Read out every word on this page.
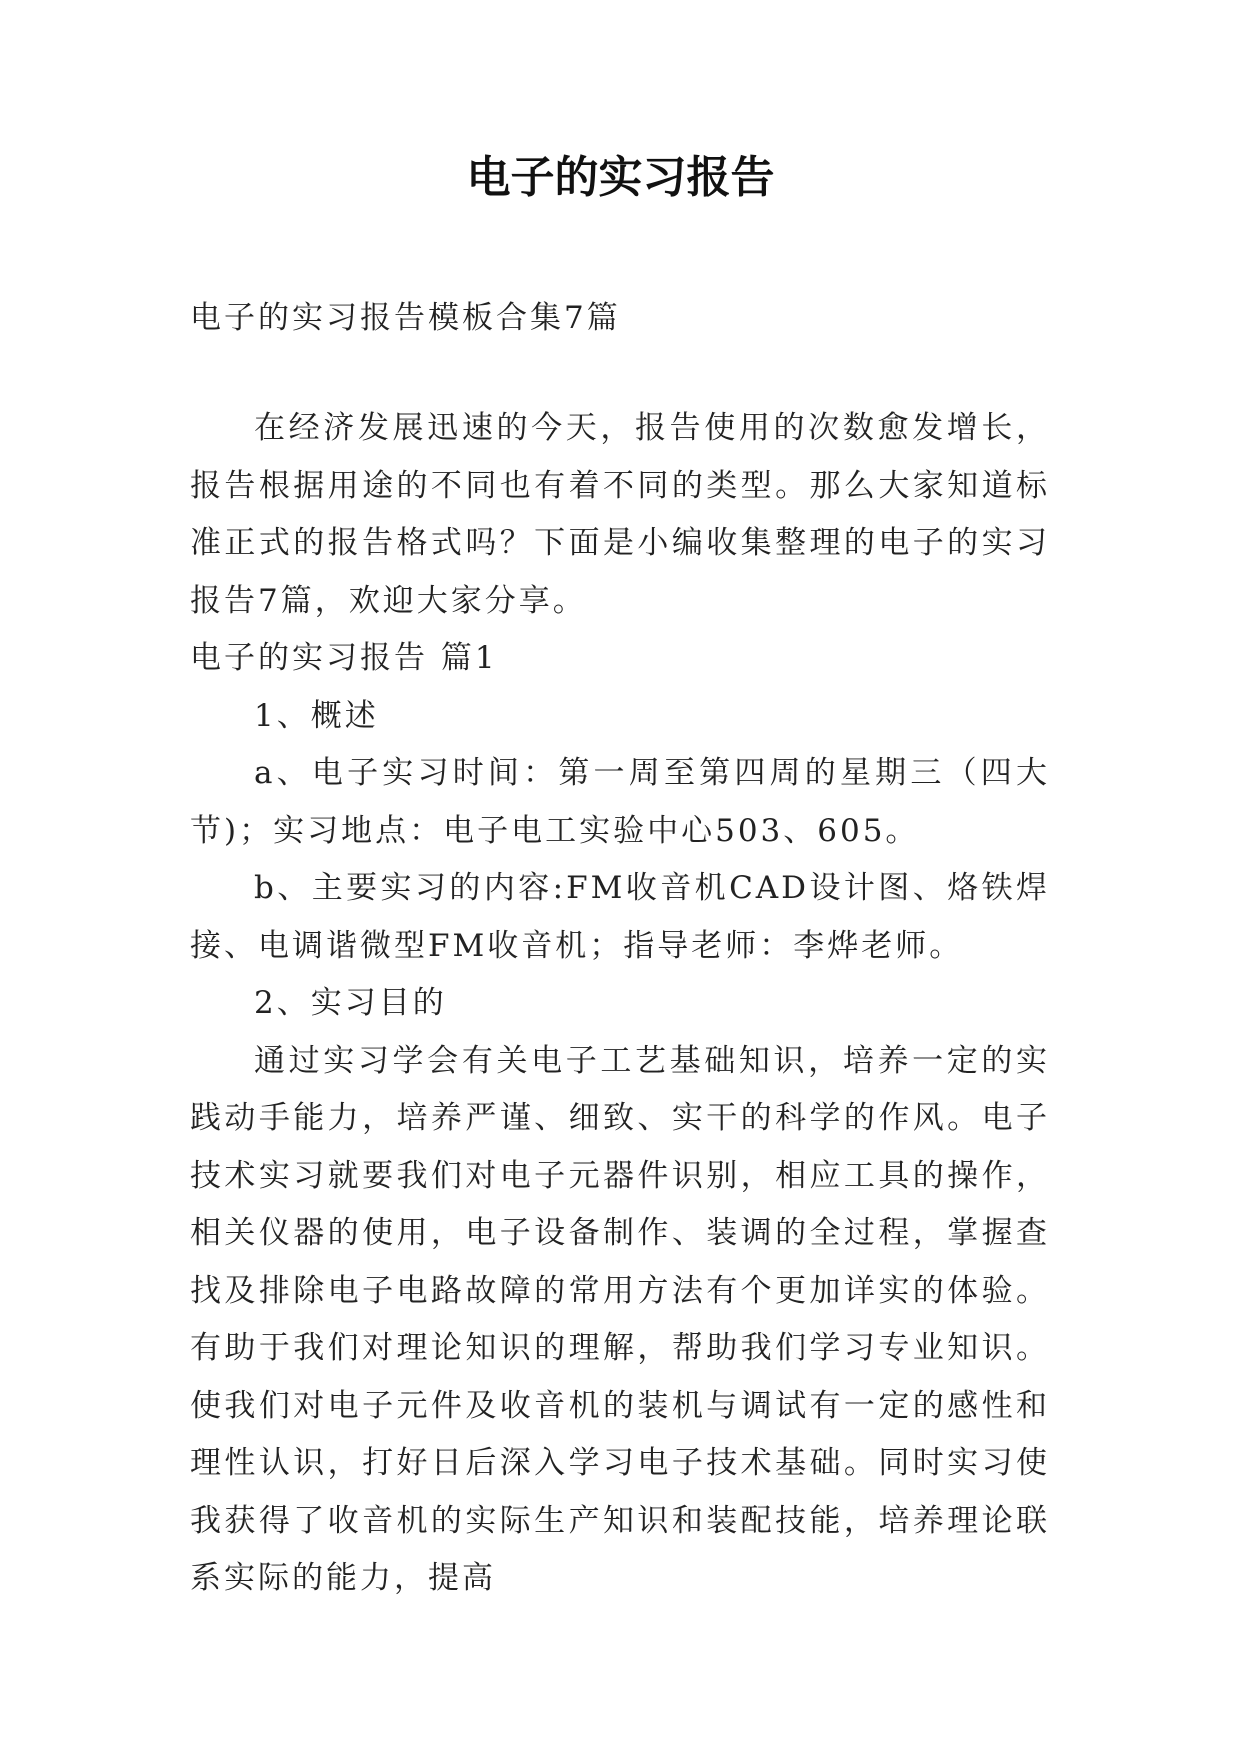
电子的实习报告
电子的实习报告模板合集7篇

在经济发展迅速的今天，报告使用的次数愈发增长，报告根据用途的不同也有着不同的类型。那么大家知道标准正式的报告格式吗？下面是小编收集整理的电子的实习报告7篇，欢迎大家分享。

电子的实习报告 篇1

1、概述

a、电子实习时间：第一周至第四周的星期三（四大节)；实习地点：电子电工实验中心503、605。

b、主要实习的内容:FM收音机CAD设计图、烙铁焊接、电调谐微型FM收音机；指导老师：李烨老师。

2、实习目的

通过实习学会有关电子工艺基础知识，培养一定的实践动手能力，培养严谨、细致、实干的科学的作风。电子技术实习就要我们对电子元器件识别，相应工具的操作，相关仪器的使用，电子设备制作、装调的全过程，掌握查找及排除电子电路故障的常用方法有个更加详实的体验。有助于我们对理论知识的理解，帮助我们学习专业知识。使我们对电子元件及收音机的装机与调试有一定的感性和理性认识，打好日后深入学习电子技术基础。同时实习使我获得了收音机的实际生产知识和装配技能，培养理论联系实际的能力，提高
